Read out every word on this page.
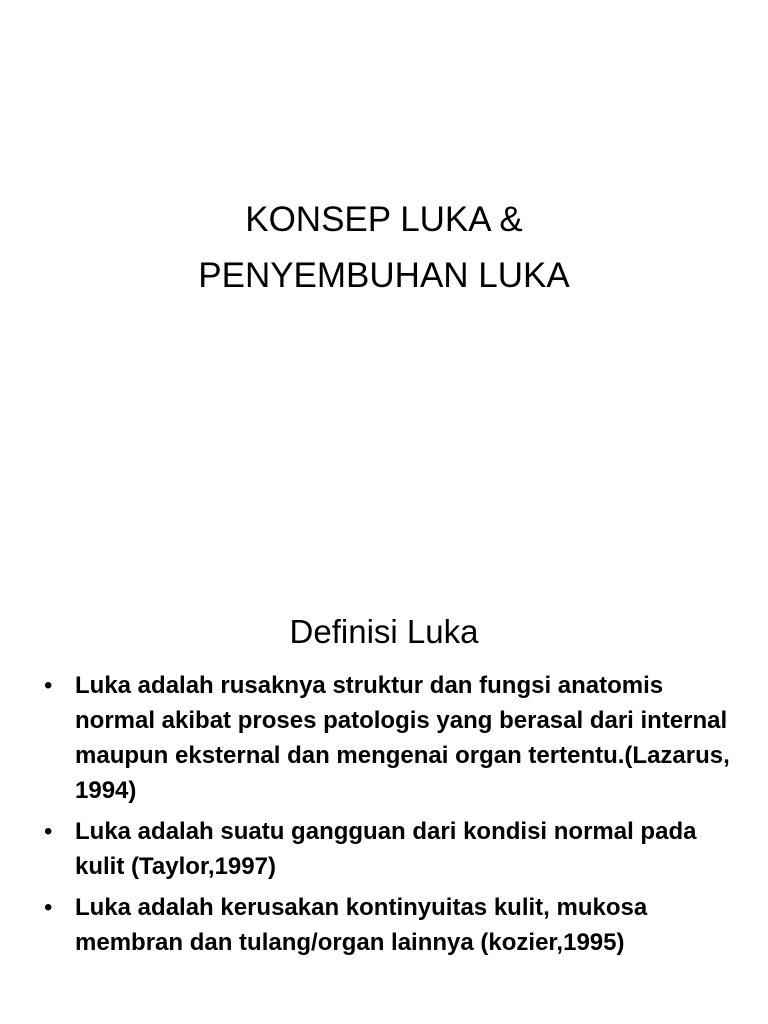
KONSEP LUKA &
PENYEMBUHAN LUKA
Definisi Luka
• Luka adalah rusaknya struktur dan fungsi anatomis normal akibat proses patologis yang berasal dari internal maupun eksternal dan mengenai organ tertentu.(Lazarus, 1994)
• Luka adalah suatu gangguan dari kondisi normal pada kulit (Taylor,1997)
• Luka adalah kerusakan kontinyuitas kulit, mukosa membran dan tulang/organ lainnya (kozier,1995)
